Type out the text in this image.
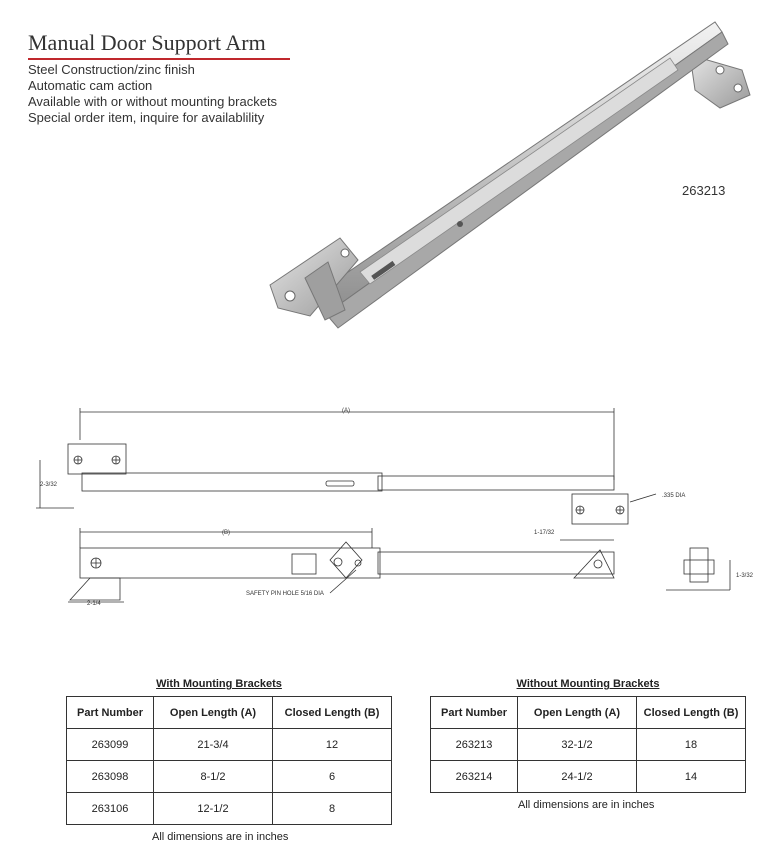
Manual Door Support Arm
Steel Construction/zinc finish
Automatic cam action
Available with or without mounting brackets
Special order item, inquire for availablility
263213
(A)
2-3/32
.335 DIA
1-17/32
(B)
2-1/4
SAFETY PIN HOLE 5/16 DIA
1-3/32
With Mounting Brackets
Part Number	Open Length (A)	Closed Length (B)
263099	21-3/4	12
263098	8-1/2	6
263106	12-1/2	8
All dimensions are in inches
Without Mounting Brackets
Part Number	Open Length (A)	Closed Length (B)
263213	32-1/2	18
263214	24-1/2	14
All dimensions are in inches
